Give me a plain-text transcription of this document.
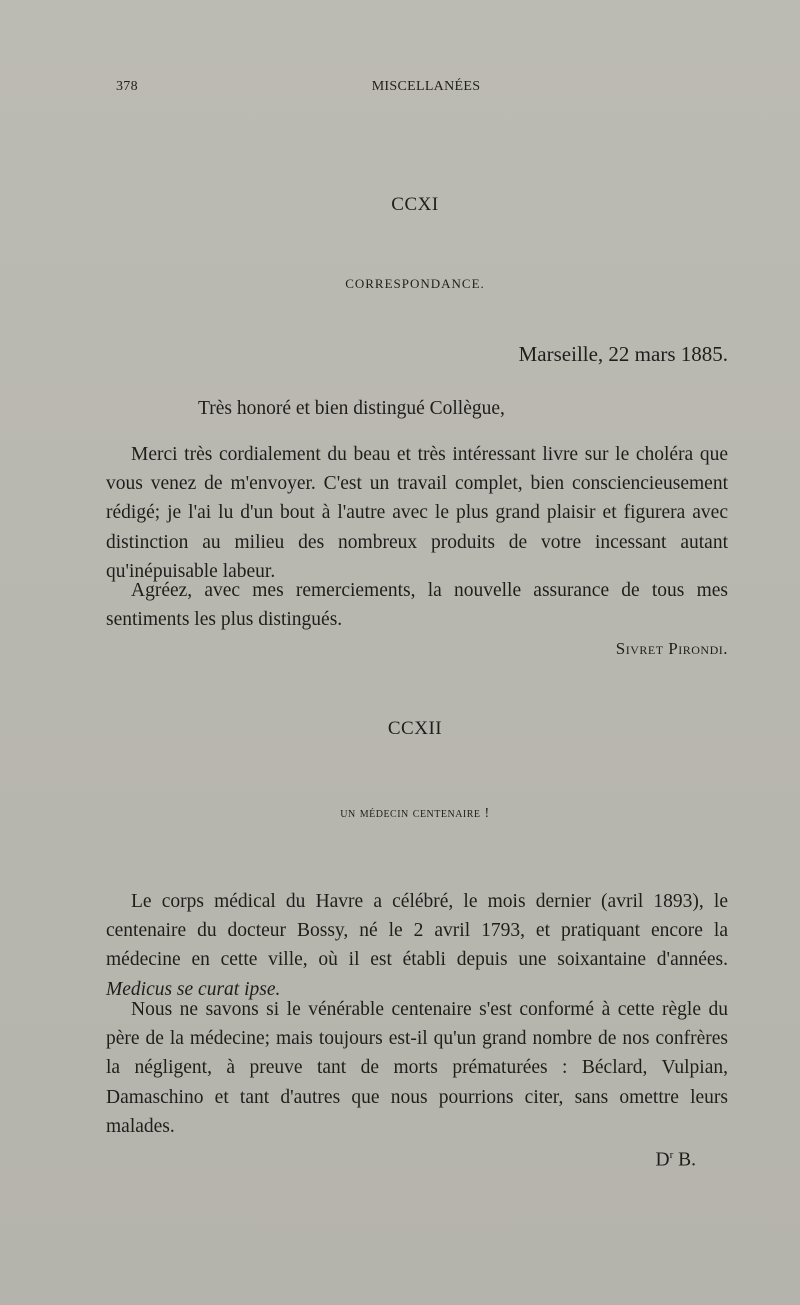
378	MISCELLANÉES
CCXI
CORRESPONDANCE.
Marseille, 22 mars 1885.
Très honoré et bien distingué Collègue,
Merci très cordialement du beau et très intéressant livre sur le choléra que vous venez de m'envoyer. C'est un travail complet, bien consciencieusement rédigé; je l'ai lu d'un bout à l'autre avec le plus grand plaisir et figurera avec distinction au milieu des nombreux produits de votre incessant autant qu'inépuisable labeur.
Agréez, avec mes remerciements, la nouvelle assurance de tous mes sentiments les plus distingués.
Sivret Pirondi.
CCXII
un médecin centenaire !
Le corps médical du Havre a célébré, le mois dernier (avril 1893), le centenaire du docteur Bossy, né le 2 avril 1793, et pratiquant encore la médecine en cette ville, où il est établi depuis une soixantaine d'années. Medicus se curat ipse.
Nous ne savons si le vénérable centenaire s'est conformé à cette règle du père de la médecine; mais toujours est-il qu'un grand nombre de nos confrères la négligent, à preuve tant de morts prématurées : Béclard, Vulpian, Damaschino et tant d'autres que nous pourrions citer, sans omettre leurs malades.
$D^r$ B.
